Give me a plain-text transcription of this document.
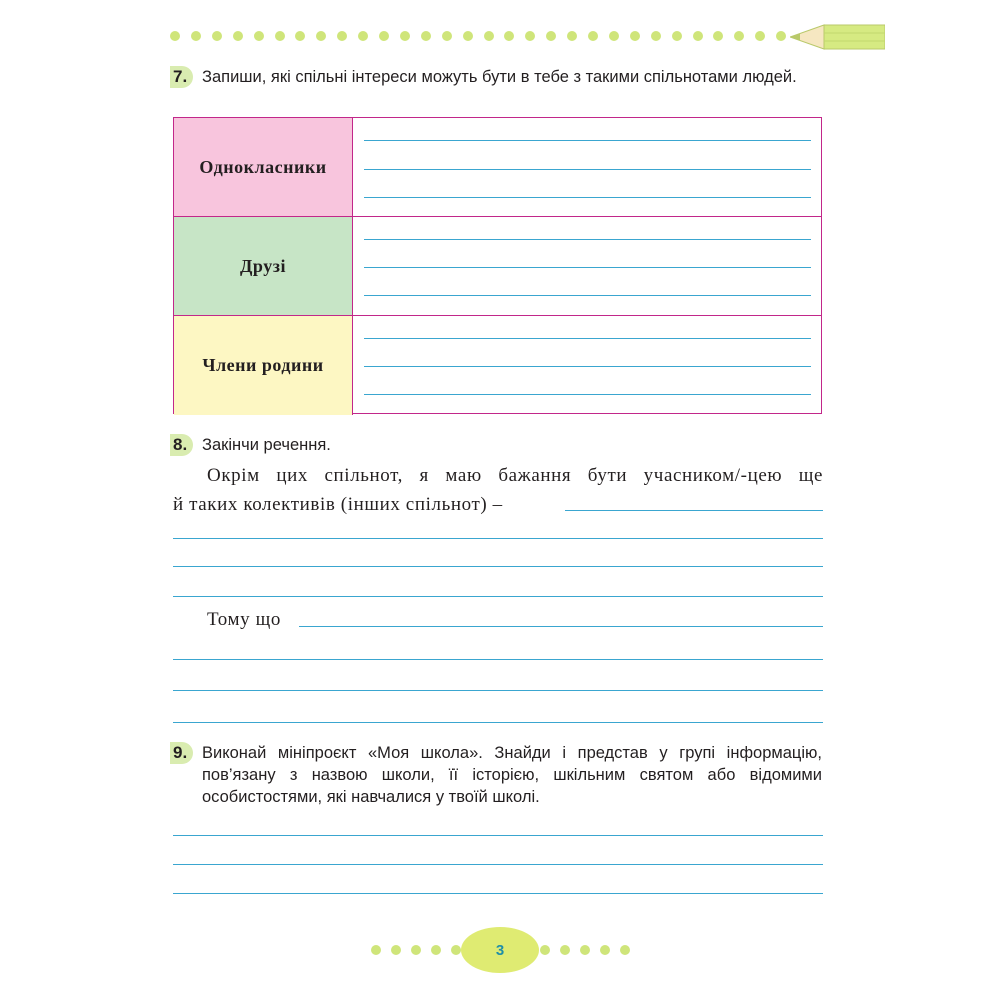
7. Запиши, які спільні інтереси можуть бути в тебе з такими спільнотами людей.
Однокласники
Друзі
Члени родини
8. Закінчи речення.
Окрім цих спільнот, я маю бажання бути учасником/-цею ще
й таких колективів (інших спільнот) –
Тому що
9. Виконай мініпроєкт «Моя школа». Знайди і представ у групі інформацію, пов’язану з назвою школи, її історією, шкільним святом або відомими особистостями, які навчалися у твоїй школі.
3
